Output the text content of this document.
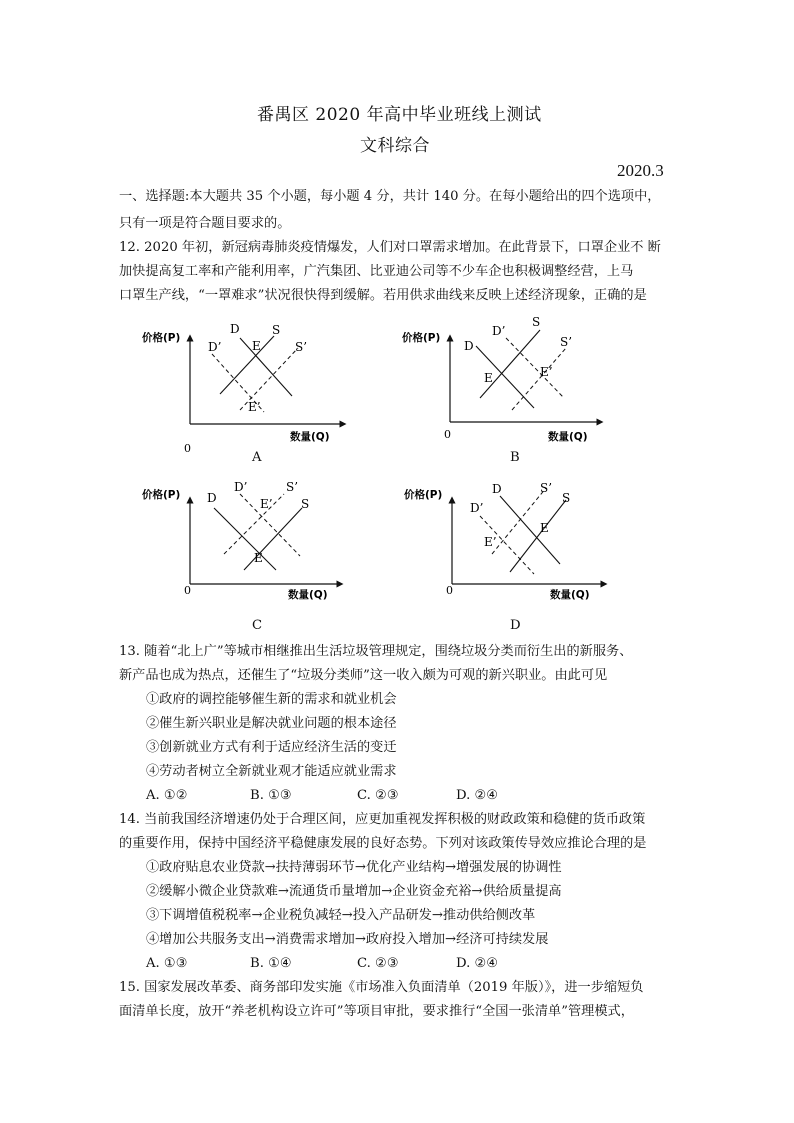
番禺区 2020 年高中毕业班线上测试
文科综合
2020.3
一、选择题:本大题共 35 个小题，每小题 4 分，共计 140 分。在每小题给出的四个选项中，
只有一项是符合题目要求的。
12. 2020 年初，新冠病毒肺炎疫情爆发，人们对口罩需求增加。在此背景下，口罩企业不 断
加快提高复工率和产能利用率，广汽集团、比亚迪公司等不少车企也积极调整经营，上马
口罩生产线，“一罩难求”状况很快得到缓解。若用供求曲线来反映上述经济现象，正确的是
价格(P)
数量(Q)
0
D	S
D’	S’
E
E’
A
价格(P)
数量(Q)
0
D
S
D’
S’
E	E’
B
价格(P)
数量(Q)
0
D	S
D’	S’
E
E’
C
价格(P)
数量(Q)
0
D
S
D’
S’
E
E’
D
13. 随着“北上广”等城市相继推出生活垃圾管理规定，围绕垃圾分类而衍生出的新服务、
新产品也成为热点，还催生了“垃圾分类师”这一收入颇为可观的新兴职业。由此可见
①政府的调控能够催生新的需求和就业机会
②催生新兴职业是解决就业问题的根本途径
③创新就业方式有利于适应经济生活的变迁
④劳动者树立全新就业观才能适应就业需求
A. ①②	B. ①③	C. ②③	D. ②④
14. 当前我国经济增速仍处于合理区间，应更加重视发挥积极的财政政策和稳健的货币政策
的重要作用，保持中国经济平稳健康发展的良好态势。下列对该政策传导效应推论合理的是
①政府贴息农业贷款→扶持薄弱环节→优化产业结构→增强发展的协调性
②缓解小微企业贷款难→流通货币量增加→企业资金充裕→供给质量提高
③下调增值税税率→企业税负减轻→投入产品研发→推动供给侧改革
④增加公共服务支出→消费需求增加→政府投入增加→经济可持续发展
A. ①③	B. ①④	C. ②③	D. ②④
15. 国家发展改革委、商务部印发实施《市场准入负面清单（2019 年版）》，进一步缩短负
面清单长度，放开“养老机构设立许可”等项目审批，要求推行“全国一张清单”管理模式，
